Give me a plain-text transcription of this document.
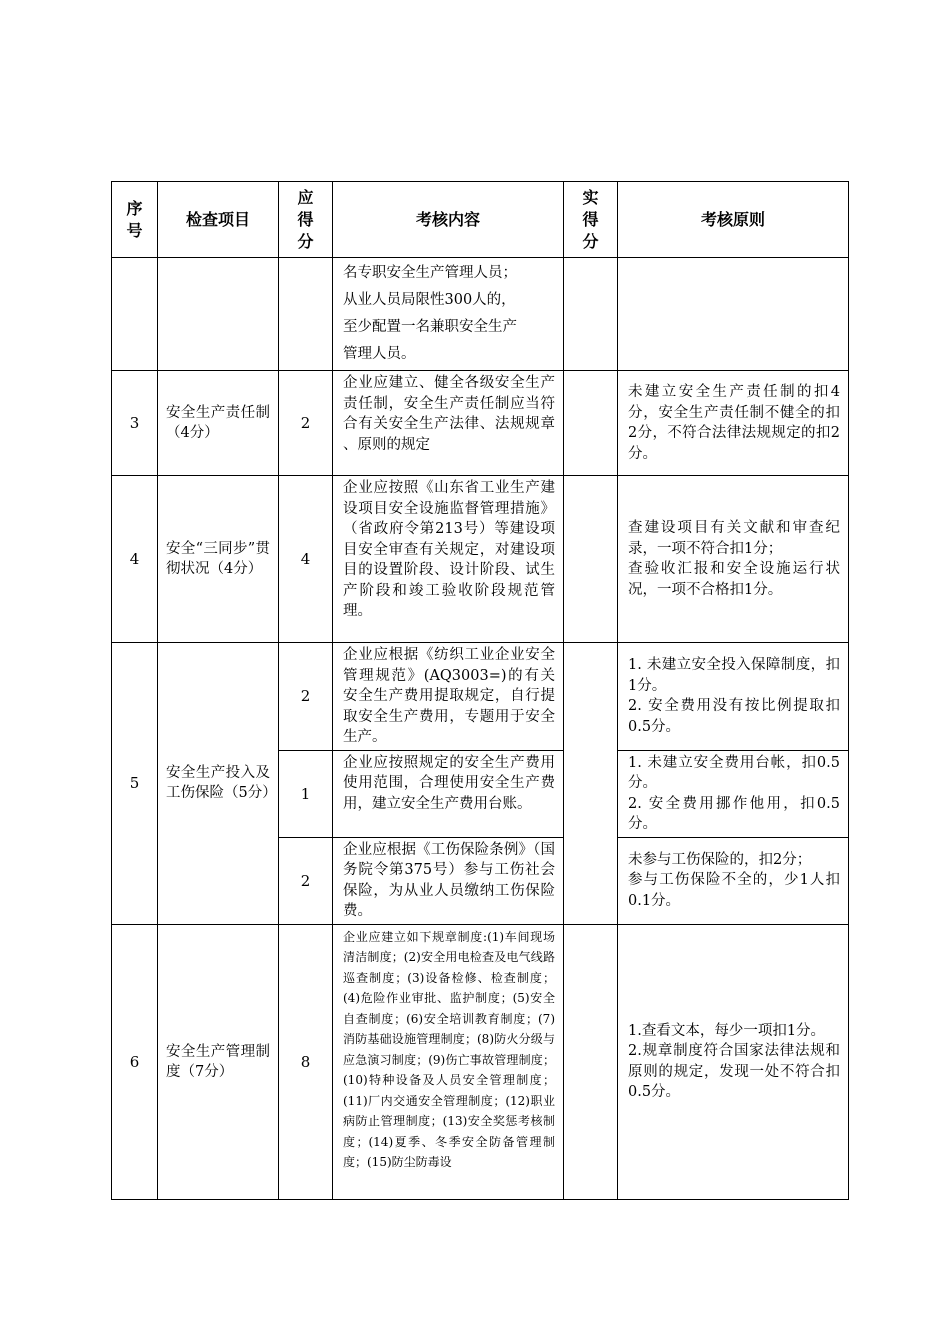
序号	检查项目	应得分	考核内容	实得分	考核原则

			名专职安全生产管理人员；
从业人员局限性300人的，
至少配置一名兼职安全生产
管理人员。		

3	安全生产责任制（4分）	2	企业应建立、健全各级安全生产责任制，安全生产责任制应当符合有关安全生产法律、法规规章 、原则的规定		未建立安全生产责任制的扣4分，安全生产责任制不健全的扣2分，不符合法律法规规定的扣2分。
4	安全“三同步”贯彻状况（4分）	4	企业应按照《山东省工业生产建设项目安全设施监督管理措施》（省政府令第213号）等建设项目安全审查有关规定，对建设项目的设置阶段、设计阶段、试生产阶段和竣工验收阶段规范管理。		查建设项目有关文献和审查纪录，一项不符合扣1分；
查验收汇报和安全设施运行状况，一项不合格扣1分。

5	安全生产投入及工伤保险（5分）	2	企业应根据《纺织工业企业安全管理规范》(AQ3003=)的有关安全生产费用提取规定，自行提取安全生产费用，专题用于安全生产。		1. 未建立安全投入保障制度，扣1分。
2. 安全费用没有按比例提取扣0.5分。

		1	企业应按照规定的安全生产费用使用范围，合理使用安全生产费用，建立安全生产费用台账。		1. 未建立安全费用台帐，扣0.5分。
2. 安全费用挪作他用，扣0.5分。

		2	企业应根据《工伤保险条例》（国务院令第375号）参与工伤社会保险，为从业人员缴纳工伤保险费。		未参与工伤保险的，扣2分；
参与工伤保险不全的，少1人扣0.1分。

6	安全生产管理制度（7分）	8	企业应建立如下规章制度:(1)车间现场清洁制度；(2)安全用电检查及电气线路巡查制度；(3)设备检修、检查制度；(4)危险作业审批、监护制度；(5)安全自查制度；(6)安全培训教育制度；(7)消防基础设施管理制度；(8)防火分级与应急演习制度；(9)伤亡事故管理制度；(10)特种设备及人员安全管理制度；(11)厂内交通安全管理制度；(12)职业病防止管理制度；(13)安全奖惩考核制度；(14)夏季、冬季安全防备管理制度；(15)防尘防毒设		1.查看文本，每少一项扣1分。
2.规章制度符合国家法律法规和原则的规定，发现一处不符合扣0.5分。
